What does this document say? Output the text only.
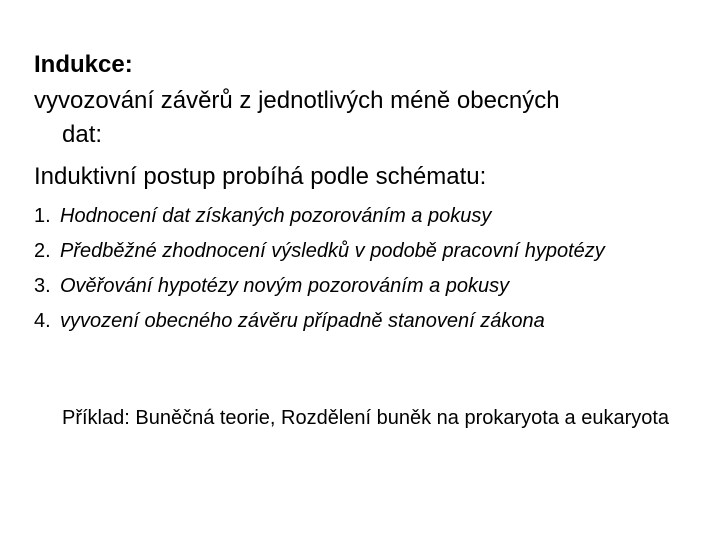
Indukce:
vyvozování závěrů z jednotlivých méně obecných
dat:
Induktivní postup probíhá podle schématu:
1. Hodnocení dat získaných pozorováním a pokusy
2. Předběžné zhodnocení výsledků v podobě pracovní hypotézy
3. Ověřování hypotézy novým pozorováním a pokusy
4. vyvození obecného závěru případně stanovení zákona
Příklad: Buněčná teorie, Rozdělení buněk na prokaryota a eukaryota
